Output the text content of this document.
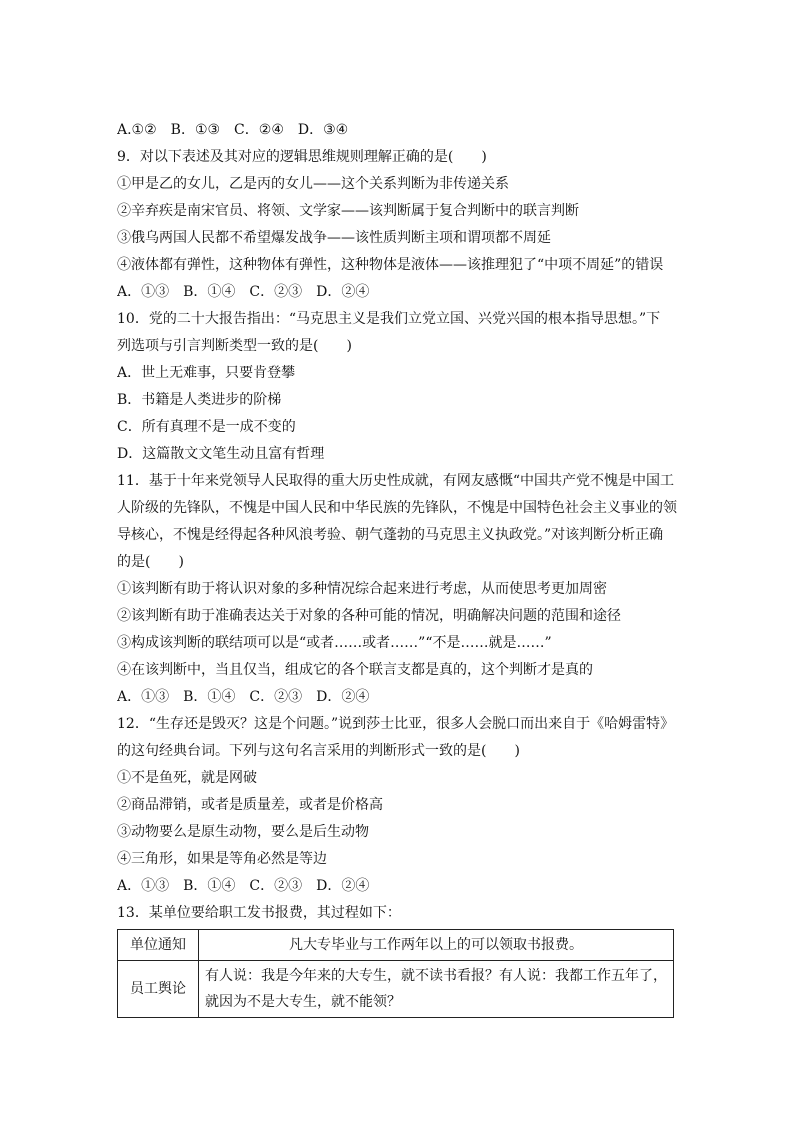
A.①②　B．①③　C．②④　D．③④
9．对以下表述及其对应的逻辑思维规则理解正确的是(　　)
①甲是乙的女儿，乙是丙的女儿——这个关系判断为非传递关系
②辛弃疾是南宋官员、将领、文学家——该判断属于复合判断中的联言判断
③俄乌两国人民都不希望爆发战争——该性质判断主项和谓项都不周延
④液体都有弹性，这种物体有弹性，这种物体是液体——该推理犯了“中项不周延”的错误
A．①③　B．①④　C．②③　D．②④
10．党的二十大报告指出：“马克思主义是我们立党立国、兴党兴国的根本指导思想。”下
列选项与引言判断类型一致的是(　　)
A．世上无难事，只要肯登攀
B．书籍是人类进步的阶梯
C．所有真理不是一成不变的
D．这篇散文文笔生动且富有哲理
11．基于十年来党领导人民取得的重大历史性成就，有网友感慨“中国共产党不愧是中国工
人阶级的先锋队，不愧是中国人民和中华民族的先锋队，不愧是中国特色社会主义事业的领
导核心，不愧是经得起各种风浪考验、朝气蓬勃的马克思主义执政党。”对该判断分析正确
的是(　　)
①该判断有助于将认识对象的多种情况综合起来进行考虑，从而使思考更加周密
②该判断有助于准确表达关于对象的各种可能的情况，明确解决问题的范围和途径
③构成该判断的联结项可以是“或者……或者……”“不是……就是……”
④在该判断中，当且仅当，组成它的各个联言支都是真的，这个判断才是真的
A．①③　B．①④　C．②③　D．②④
12．“生存还是毁灭？这是个问题。”说到莎士比亚，很多人会脱口而出来自于《哈姆雷特》
的这句经典台词。下列与这句名言采用的判断形式一致的是(　　)
①不是鱼死，就是网破
②商品滞销，或者是质量差，或者是价格高
③动物要么是原生动物，要么是后生动物
④三角形，如果是等角必然是等边
A．①③　B．①④　C．②③　D．②④
13．某单位要给职工发书报费，其过程如下：
单位通知	凡大专毕业与工作两年以上的可以领取书报费。
员工舆论	有人说：我是今年来的大专生，就不读书看报？有人说：我都工作五年了，
就因为不是大专生，就不能领？
